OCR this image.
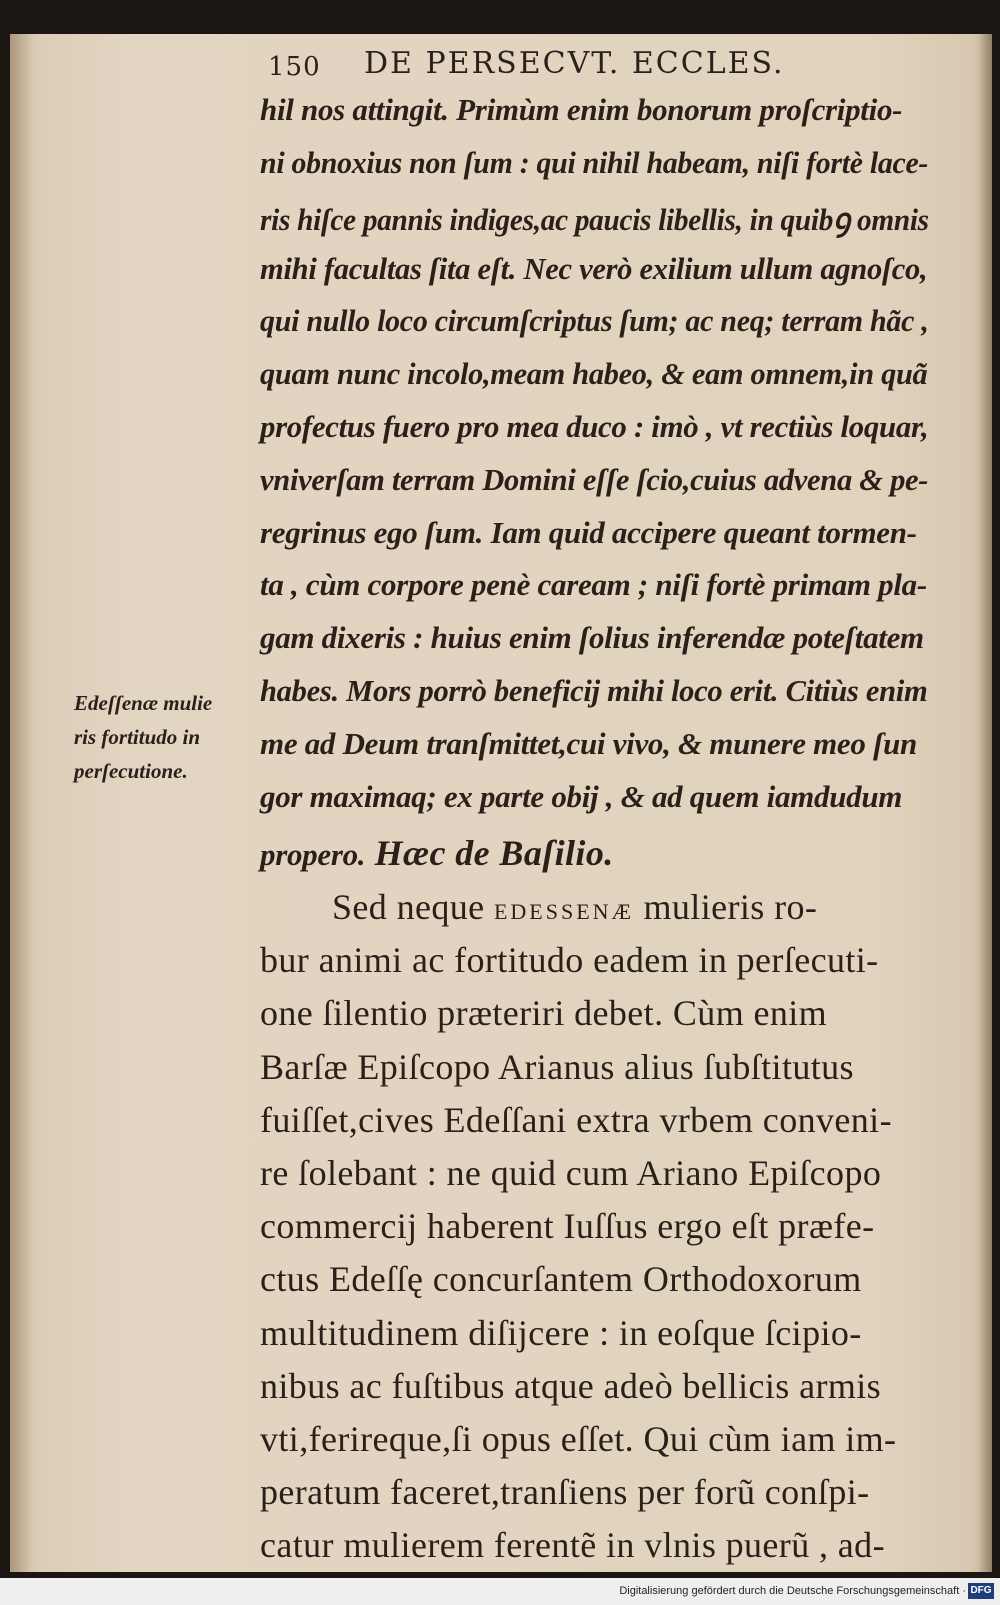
150 DE PERSECVT. ECCLES.
Edeſſenæ mulie
ris fortitudo in
perſecutione.
hil nos attingit. Primùm enim bonorum proſcriptio-
ni obnoxius non ſum : qui nihil habeam, niſi fortè lace-
ris hiſce pannis indiges,ac paucis libellis, in quibꝯ omnis
mihi facultas ſita eſt. Nec verò exilium ullum agnoſco,
qui nullo loco circumſcriptus ſum; ac neq; terram hãc ,
quam nunc incolo,meam habeo, & eam omnem,in quã
profectus fuero pro mea duco : imò , vt rectiùs loquar,
vniverſam terram Domini eſſe ſcio,cuius advena & pe-
regrinus ego ſum. Iam quid accipere queant tormen-
ta , cùm corpore penè caream ; niſi fortè primam pla-
gam dixeris : huius enim ſolius inferendæ poteſtatem
habes. Mors porrò beneficij mihi loco erit. Citiùs enim
me ad Deum tranſmittet,cui vivo, & munere meo ſun
gor maximaq; ex parte obij , & ad quem iamdudum
propero. Hæc de Baſilio.
Sed neque EDESSENÆ mulieris ro-
bur animi ac fortitudo eadem in perſecuti-
one ſilentio præteriri debet. Cùm enim
Barſæ Epiſcopo Arianus alius ſubſtitutus
fuiſſet,cives Edeſſani extra vrbem conveni-
re ſolebant : ne quid cum Ariano Epiſcopo
commercij haberent Iuſſus ergo eſt præfe-
ctus Edeſſę concurſantem Orthodoxorum
multitudinem diſijcere : in eoſque ſcipio-
nibus ac fuſtibus atque adeò bellicis armis
vti,ferireque,ſi opus eſſet. Qui cùm iam im-
peratum faceret,tranſiens per forũ conſpi-
catur mulierem ferentẽ in vlnis puerũ , ad-
Digitalisierung gefördert durch die Deutsche Forschungsgemeinschaft · DFG
